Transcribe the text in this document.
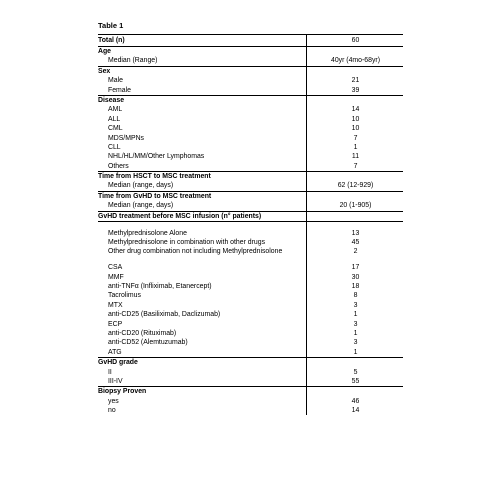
Table 1
Total (n)	60
Age
Median (Range)	40yr (4mo-68yr)
Sex
Male	21
Female	39
Disease
AML	14
ALL	10
CML	10
MDS/MPNs	7
CLL	1
NHL/HL/MM/Other Lymphomas	11
Others	7
Time from HSCT to MSC treatment
Median (range, days)	62 (12-929)
Time from GvHD to MSC treatment
Median (range, days)	20 (1-905)
GvHD treatment before MSC infusion (n° patients)
Methylprednisolone Alone	13
Methylprednisolone in combination with other drugs	45
Other drug combination not including Methylprednisolone	2
CSA	17
MMF	30
anti-TNFα (Infliximab, Etanercept)	18
Tacrolimus	8
MTX	3
anti-CD25 (Basiliximab, Daclizumab)	1
ECP	3
anti-CD20 (Rituximab)	1
anti-CD52 (Alemtuzumab)	3
ATG	1
GvHD grade
II	5
III-IV	55
Biopsy Proven
yes	46
no	14
